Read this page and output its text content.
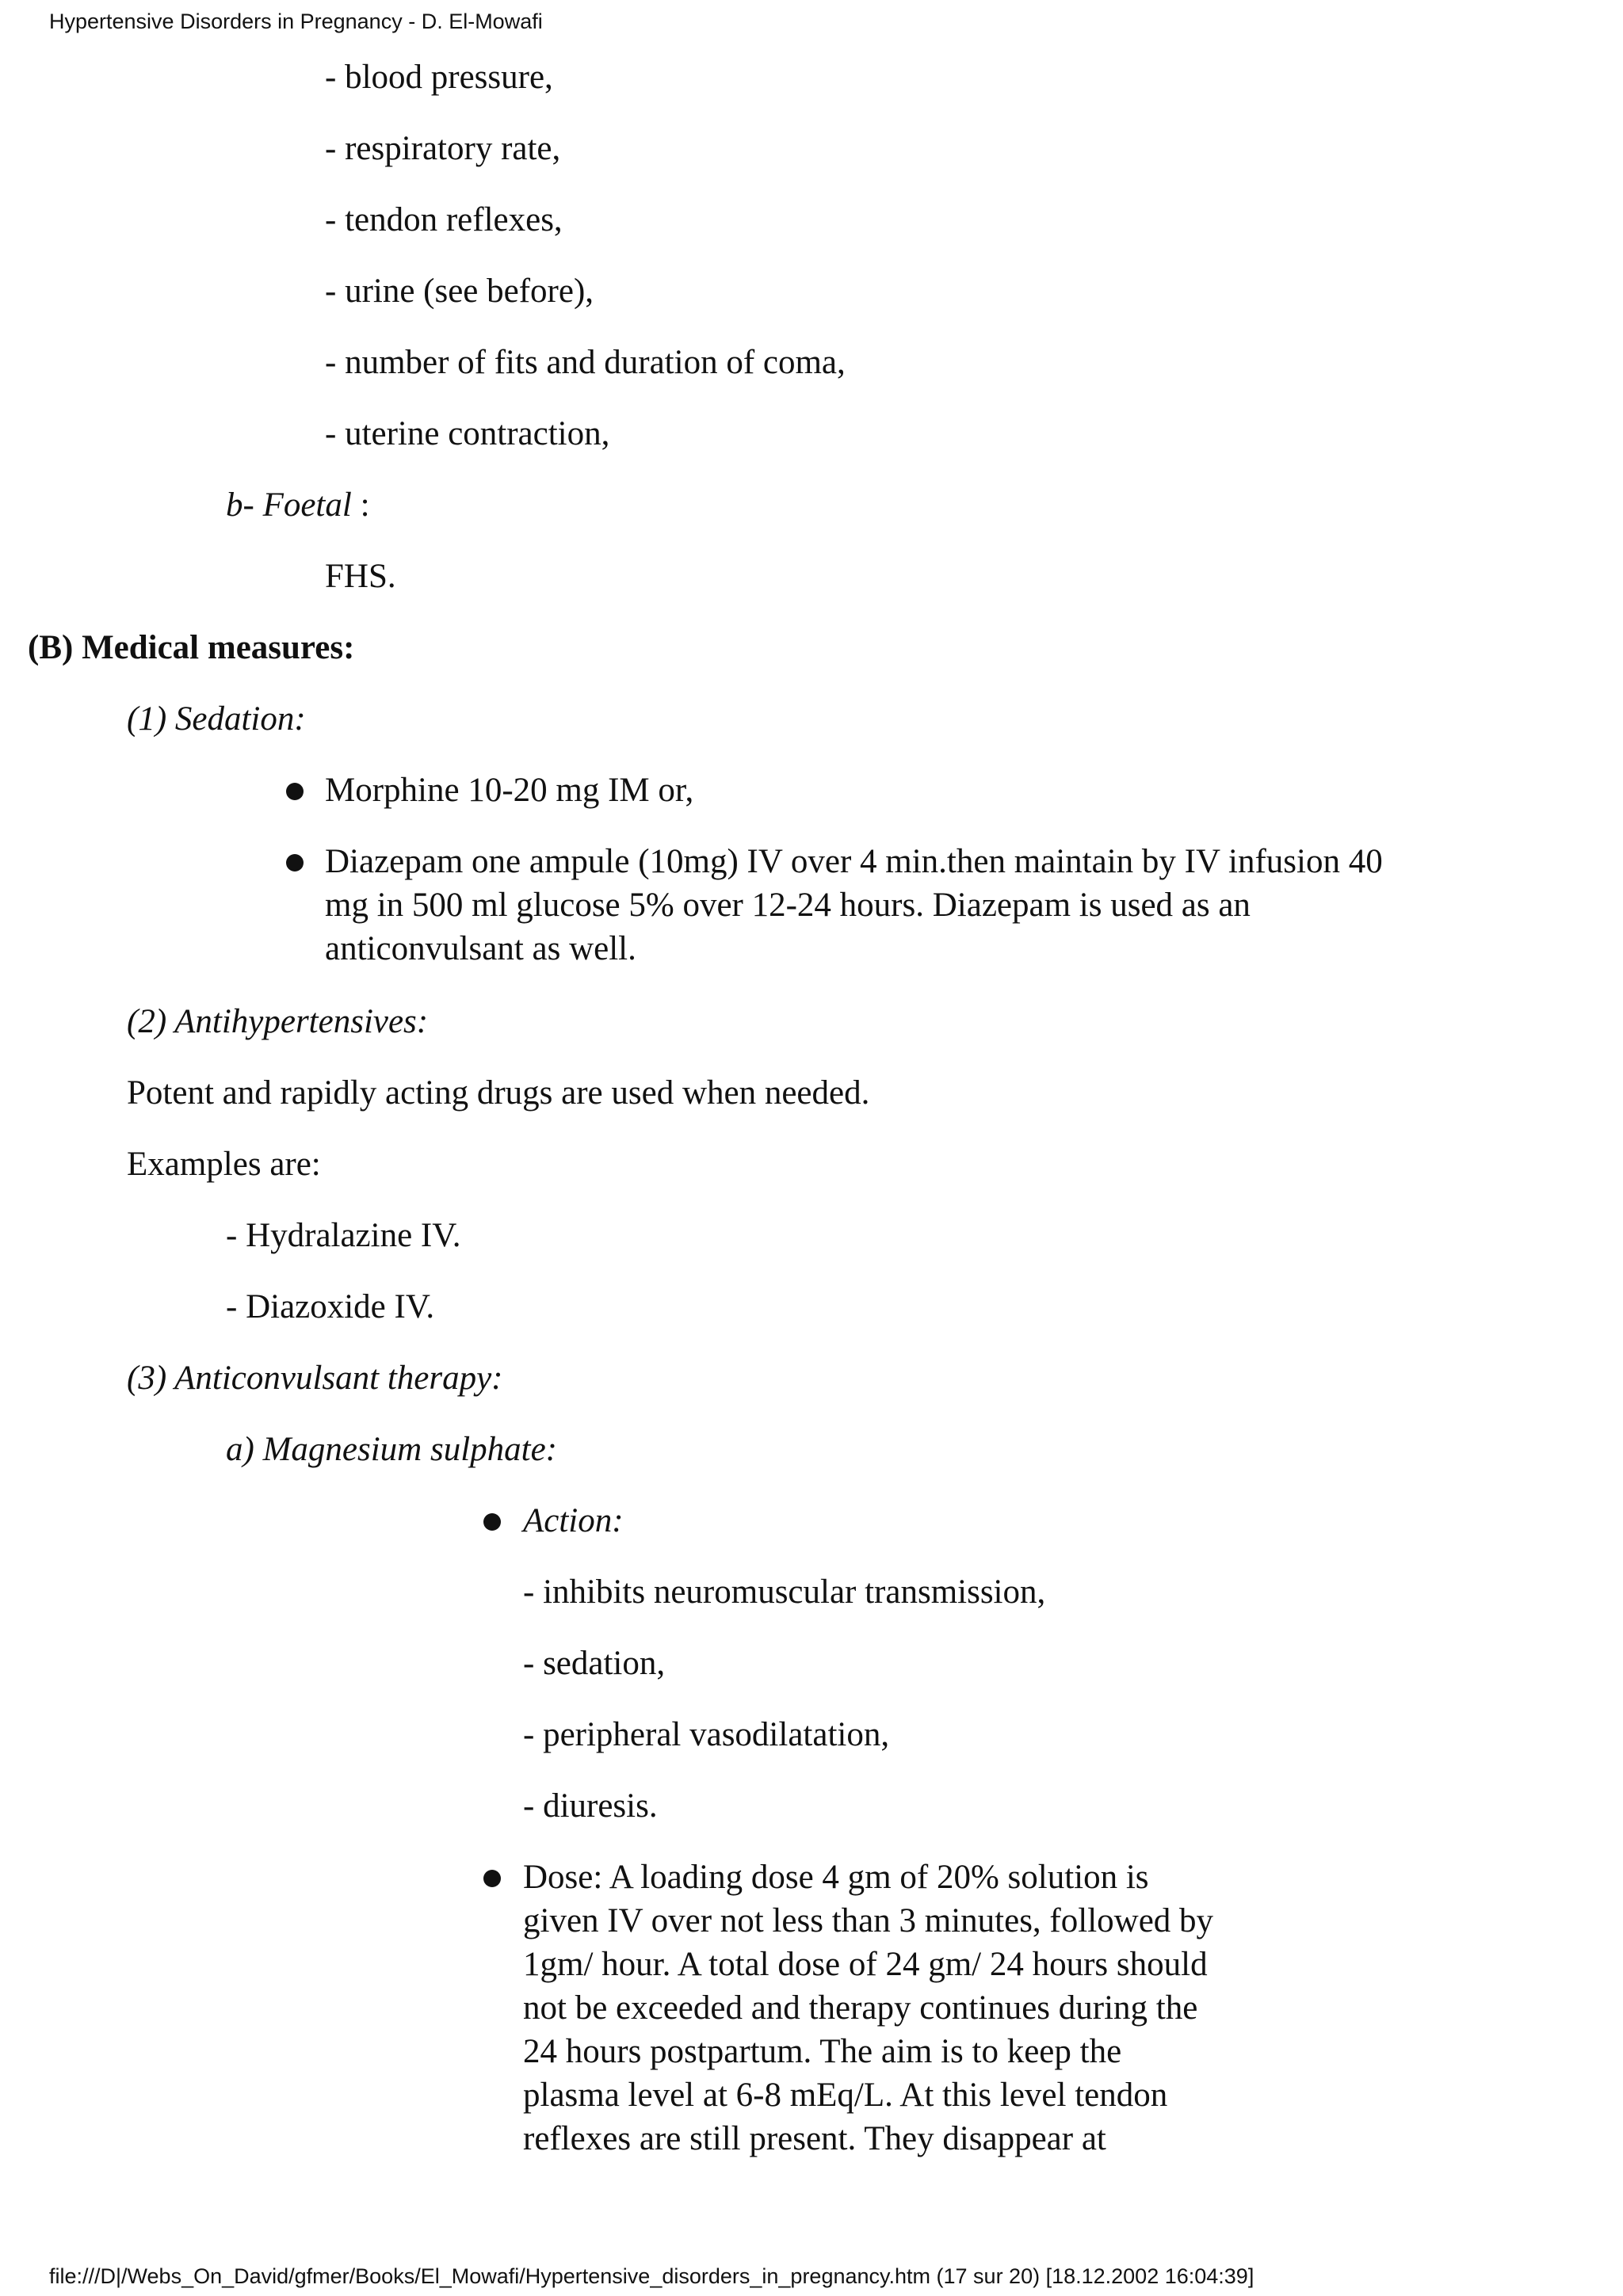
Hypertensive Disorders in Pregnancy - D. El-Mowafi
- blood pressure,
- respiratory rate,
- tendon reflexes,
- urine (see before),
- number of fits and duration of coma,
- uterine contraction,
b- Foetal :
FHS.
(B) Medical measures:
(1) Sedation:
Morphine 10-20 mg IM or,
Diazepam one ampule (10mg) IV over 4 min.then maintain by IV infusion 40 mg in 500 ml glucose 5% over 12-24 hours. Diazepam is used as an anticonvulsant as well.
(2) Antihypertensives:
Potent and rapidly acting drugs are used when needed.
Examples are:
- Hydralazine IV.
- Diazoxide IV.
(3) Anticonvulsant therapy:
a) Magnesium sulphate:
Action:
- inhibits neuromuscular transmission,
- sedation,
- peripheral vasodilatation,
- diuresis.
Dose: A loading dose 4 gm of 20% solution is given IV over not less than 3 minutes, followed by 1gm/ hour. A total dose of 24 gm/ 24 hours should not be exceeded and therapy continues during the 24 hours postpartum. The aim is to keep the plasma level at 6-8 mEq/L. At this level tendon reflexes are still present. They disappear at
file:///D|/Webs_On_David/gfmer/Books/El_Mowafi/Hypertensive_disorders_in_pregnancy.htm (17 sur 20) [18.12.2002 16:04:39]
